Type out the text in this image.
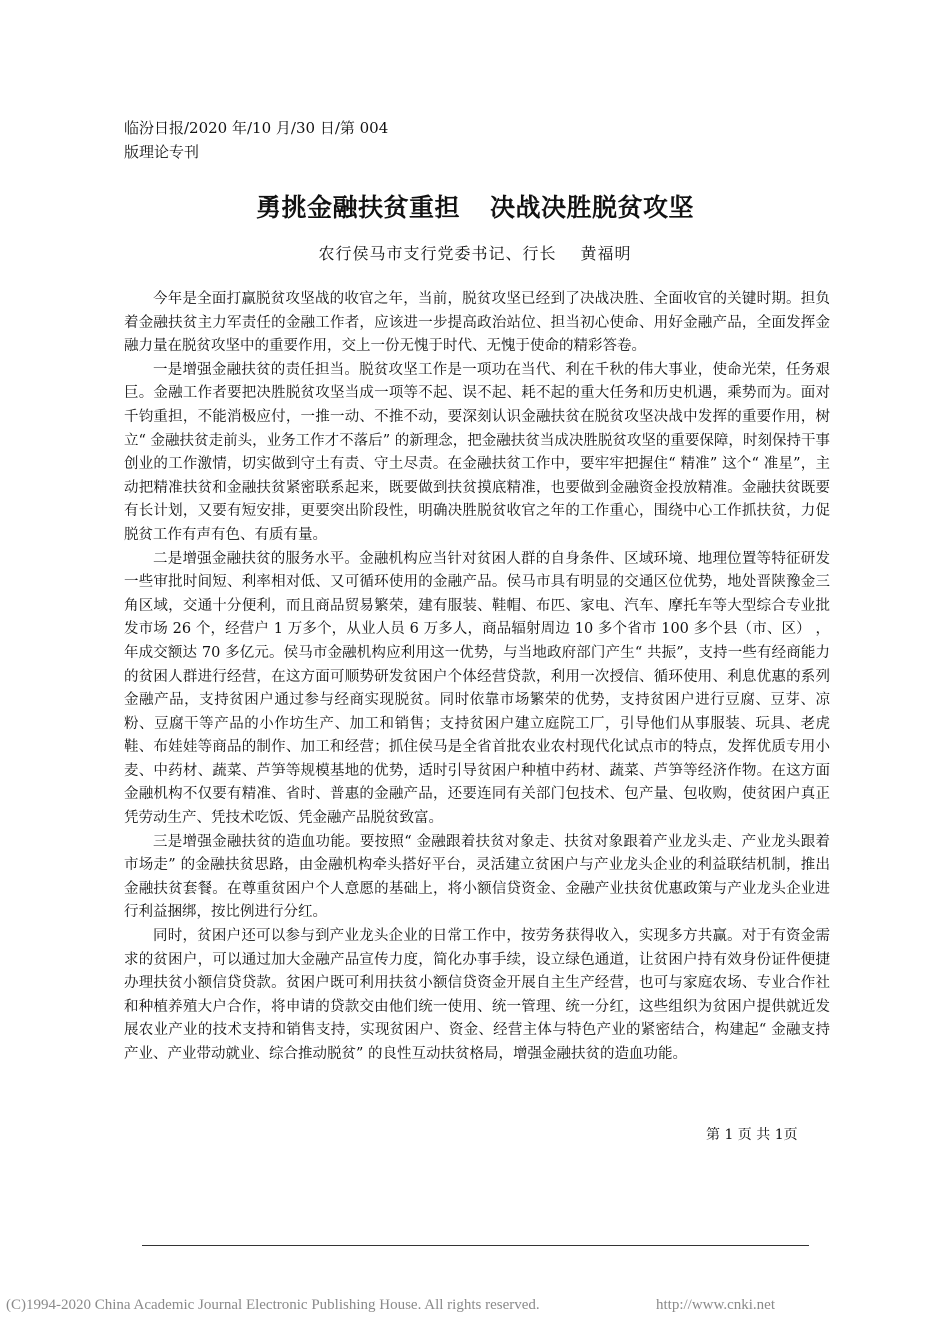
临汾日报/2020 年/10 月/30 日/第 004
版理论专刊
勇挑金融扶贫重担 决战决胜脱贫攻坚
农行侯马市支行党委书记、行长 黄福明

今年是全面打赢脱贫攻坚战的收官之年，当前，脱贫攻坚已经到了决战决胜、全面收官的关键时期。担负着金融扶贫主力军责任的金融工作者，应该进一步提高政治站位、担当初心使命、用好金融产品，全面发挥金融力量在脱贫攻坚中的重要作用，交上一份无愧于时代、无愧于使命的精彩答卷。

一是增强金融扶贫的责任担当。脱贫攻坚工作是一项功在当代、利在千秋的伟大事业，使命光荣，任务艰巨。金融工作者要把决胜脱贫攻坚当成一项等不起、误不起、耗不起的重大任务和历史机遇，乘势而为。面对千钧重担，不能消极应付，一推一动、不推不动，要深刻认识金融扶贫在脱贫攻坚决战中发挥的重要作用，树立“ 金融扶贫走前头，业务工作才不落后” 的新理念，把金融扶贫当成决胜脱贫攻坚的重要保障，时刻保持干事创业的工作激情，切实做到守土有责、守土尽责。在金融扶贫工作中，要牢牢把握住“ 精准” 这个“ 准星”，主动把精准扶贫和金融扶贫紧密联系起来，既要做到扶贫摸底精准，也要做到金融资金投放精准。金融扶贫既要有长计划，又要有短安排，更要突出阶段性，明确决胜脱贫收官之年的工作重心，围绕中心工作抓扶贫，力促脱贫工作有声有色、有质有量。

二是增强金融扶贫的服务水平。金融机构应当针对贫困人群的自身条件、区域环境、地理位置等特征研发一些审批时间短、利率相对低、又可循环使用的金融产品。侯马市具有明显的交通区位优势，地处晋陕豫金三角区域，交通十分便利，而且商品贸易繁荣，建有服装、鞋帽、布匹、家电、汽车、摩托车等大型综合专业批发市场 26 个，经营户 1 万多个，从业人员 6 万多人，商品辐射周边 10 多个省市 100 多个县（市、区） ，年成交额达 70 多亿元。侯马市金融机构应利用这一优势，与当地政府部门产生“ 共振”，支持一些有经商能力的贫困人群进行经营，在这方面可顺势研发贫困户个体经营贷款，利用一次授信、循环使用、利息优惠的系列金融产品，支持贫困户通过参与经商实现脱贫。同时依靠市场繁荣的优势，支持贫困户进行豆腐、豆芽、凉粉、豆腐干等产品的小作坊生产、加工和销售；支持贫困户建立庭院工厂，引导他们从事服装、玩具、老虎鞋、布娃娃等商品的制作、加工和经营；抓住侯马是全省首批农业农村现代化试点市的特点，发挥优质专用小麦、中药材、蔬菜、芦笋等规模基地的优势，适时引导贫困户种植中药材、蔬菜、芦笋等经济作物。在这方面金融机构不仅要有精准、省时、普惠的金融产品，还要连同有关部门包技术、包产量、包收购，使贫困户真正凭劳动生产、凭技术吃饭、凭金融产品脱贫致富。

三是增强金融扶贫的造血功能。要按照“ 金融跟着扶贫对象走、扶贫对象跟着产业龙头走、产业龙头跟着市场走” 的金融扶贫思路，由金融机构牵头搭好平台，灵活建立贫困户与产业龙头企业的利益联结机制，推出金融扶贫套餐。在尊重贫困户个人意愿的基础上，将小额信贷资金、金融产业扶贫优惠政策与产业龙头企业进行利益捆绑，按比例进行分红。

同时，贫困户还可以参与到产业龙头企业的日常工作中，按劳务获得收入，实现多方共赢。对于有资金需求的贫困户，可以通过加大金融产品宣传力度，简化办事手续，设立绿色通道，让贫困户持有效身份证件便捷办理扶贫小额信贷贷款。贫困户既可利用扶贫小额信贷资金开展自主生产经营，也可与家庭农场、专业合作社和种植养殖大户合作，将申请的贷款交由他们统一使用、统一管理、统一分红，这些组织为贫困户提供就近发展农业产业的技术支持和销售支持，实现贫困户、资金、经营主体与特色产业的紧密结合，构建起“ 金融支持产业、产业带动就业、综合推动脱贫” 的良性互动扶贫格局，增强金融扶贫的造血功能。

第 1 页 共 1页
(C)1994-2020 China Academic Journal Electronic Publishing House. All rights reserved.	http://www.cnki.net
